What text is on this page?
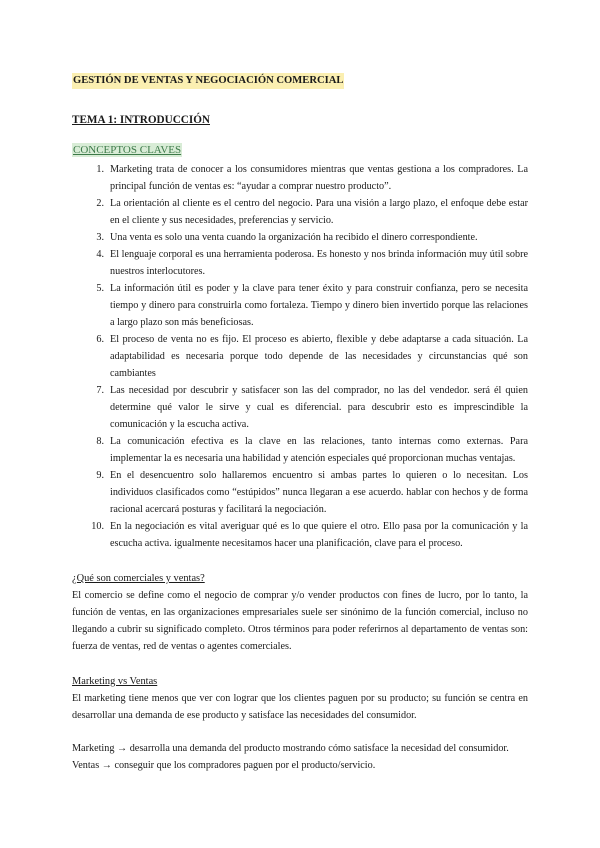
GESTIÓN DE VENTAS Y NEGOCIACIÓN COMERCIAL
TEMA 1: INTRODUCCIÓN
CONCEPTOS CLAVES
1. Marketing trata de conocer a los consumidores mientras que ventas gestiona a los compradores. La principal función de ventas es: “ayudar a comprar nuestro producto”.
2. La orientación al cliente es el centro del negocio. Para una visión a largo plazo, el enfoque debe estar en el cliente y sus necesidades, preferencias y servicio.
3. Una venta es solo una venta cuando la organización ha recibido el dinero correspondiente.
4. El lenguaje corporal es una herramienta poderosa. Es honesto y nos brinda información muy útil sobre nuestros interlocutores.
5. La información útil es poder y la clave para tener éxito y para construir confianza, pero se necesita tiempo y dinero para construirla como fortaleza. Tiempo y dinero bien invertido porque las relaciones a largo plazo son más beneficiosas.
6. El proceso de venta no es fijo. El proceso es abierto, flexible y debe adaptarse a cada situación. La adaptabilidad es necesaria porque todo depende de las necesidades y circunstancias qué son cambiantes
7. Las necesidad por descubrir y satisfacer son las del comprador, no las del vendedor. será él quien determine qué valor le sirve y cual es diferencial. para descubrir esto es imprescindible la comunicación y la escucha activa.
8. La comunicación efectiva es la clave en las relaciones, tanto internas como externas. Para implementar la es necesaria una habilidad y atención especiales qué proporcionan muchas ventajas.
9. En el desencuentro solo hallaremos encuentro si ambas partes lo quieren o lo necesitan. Los individuos clasificados como “estúpidos” nunca llegaran a ese acuerdo. hablar con hechos y de forma racional acercará posturas y facilitará la negociación.
10. En la negociación es vital averiguar qué es lo que quiere el otro. Ello pasa por la comunicación y la escucha activa. igualmente necesitamos hacer una planificación, clave para el proceso.
¿Qué son comerciales y ventas?

El comercio se define como el negocio de comprar y/o vender productos con fines de lucro, por lo tanto, la función de ventas, en las organizaciones empresariales suele ser sinónimo de la función comercial, incluso no llegando a cubrir su significado completo. Otros términos para poder referirnos al departamento de ventas son: fuerza de ventas, red de ventas o agentes comerciales.

Marketing vs Ventas

El marketing tiene menos que ver con lograr que los clientes paguen por su producto; su función se centra en desarrollar una demanda de ese producto y satisface las necesidades del consumidor.

Marketing → desarrolla una demanda del producto mostrando cómo satisface la necesidad del consumidor.

Ventas → conseguir que los compradores paguen por el producto/servicio.
